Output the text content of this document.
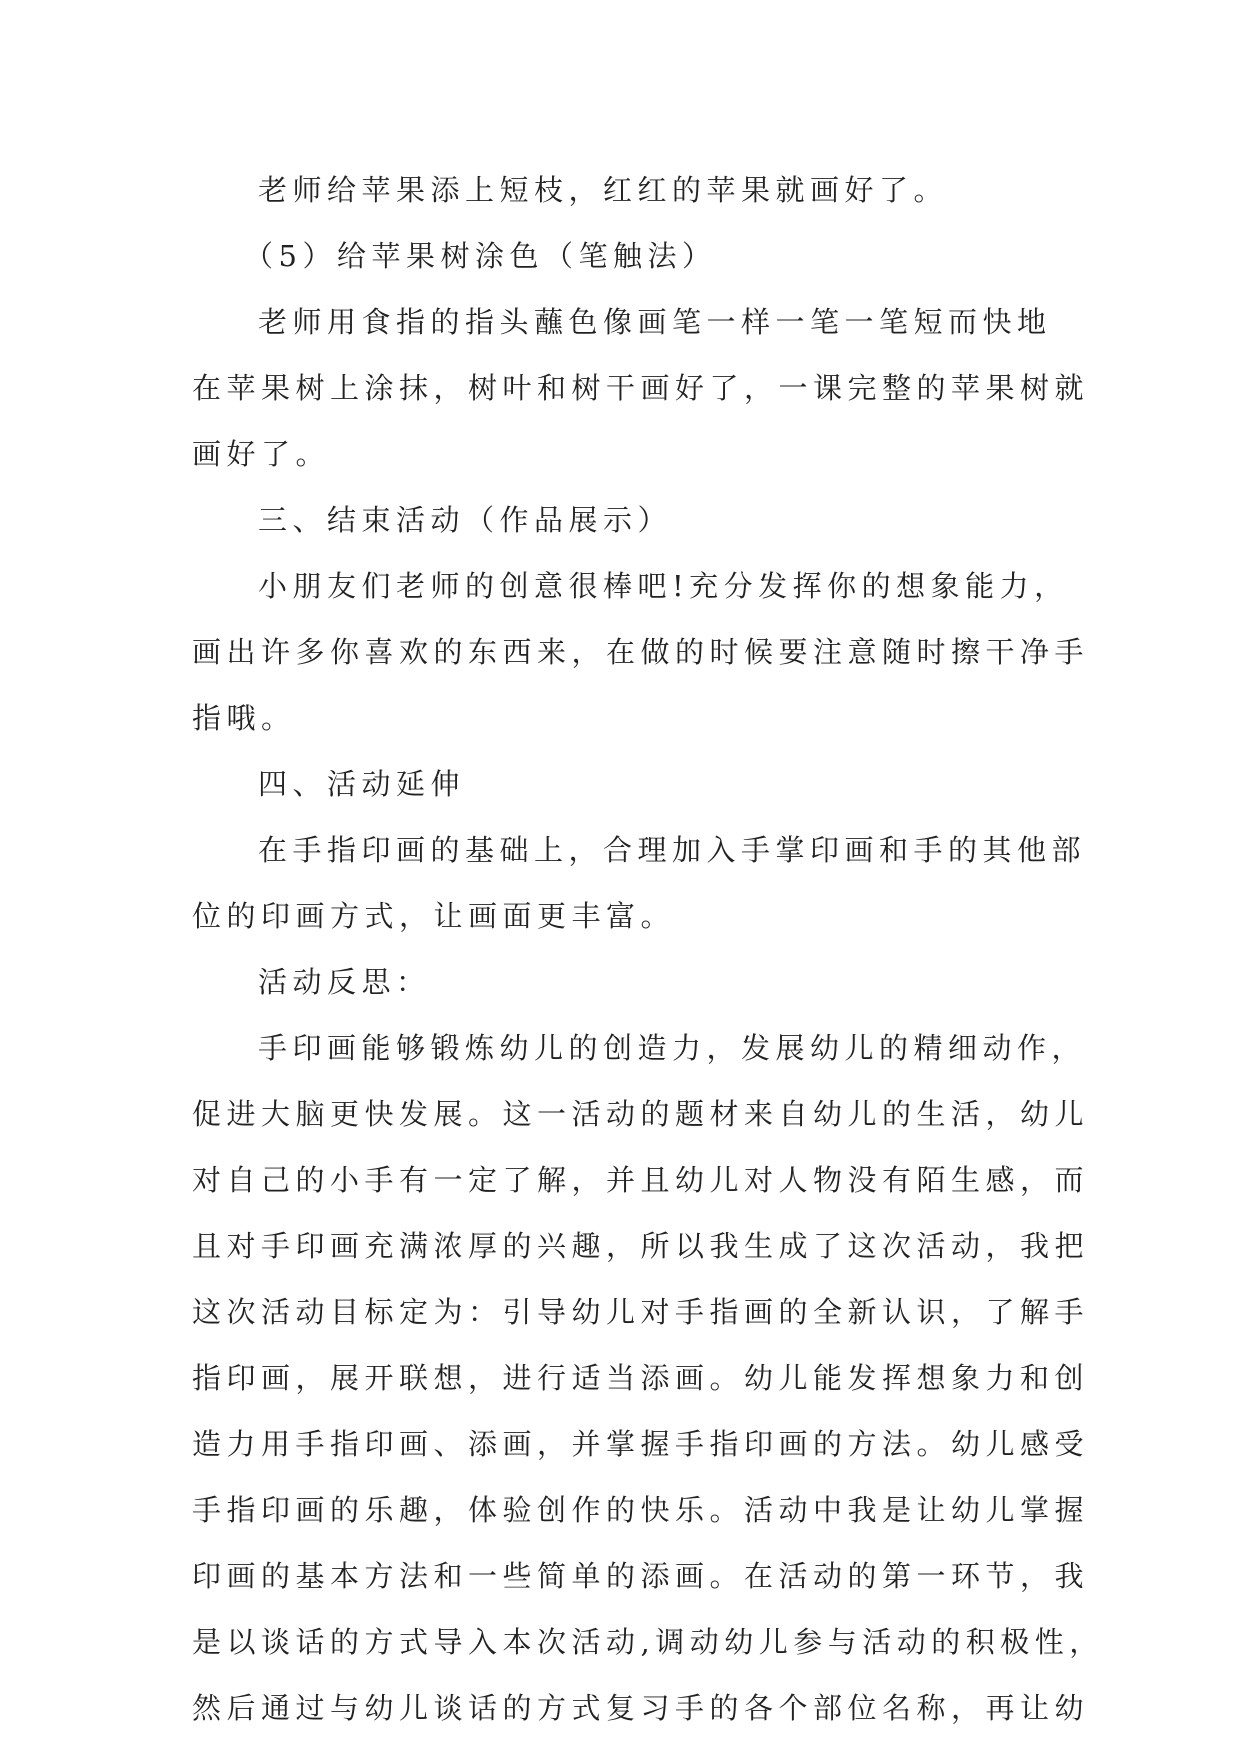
老师给苹果添上短枝，红红的苹果就画好了。
（5）给苹果树涂色（笔触法）
老师用食指的指头蘸色像画笔一样一笔一笔短而快地
在苹果树上涂抹，树叶和树干画好了，一课完整的苹果树就
画好了。
三、结束活动（作品展示）
小朋友们老师的创意很棒吧!充分发挥你的想象能力，
画出许多你喜欢的东西来，在做的时候要注意随时擦干净手
指哦。
四、活动延伸
在手指印画的基础上，合理加入手掌印画和手的其他部
位的印画方式，让画面更丰富。
活动反思：
手印画能够锻炼幼儿的创造力，发展幼儿的精细动作，
促进大脑更快发展。这一活动的题材来自幼儿的生活，幼儿
对自己的小手有一定了解，并且幼儿对人物没有陌生感，而
且对手印画充满浓厚的兴趣，所以我生成了这次活动，我把
这次活动目标定为：引导幼儿对手指画的全新认识，了解手
指印画，展开联想，进行适当添画。幼儿能发挥想象力和创
造力用手指印画、添画，并掌握手指印画的方法。幼儿感受
手指印画的乐趣，体验创作的快乐。活动中我是让幼儿掌握
印画的基本方法和一些简单的添画。在活动的第一环节，我
是以谈话的方式导入本次活动,调动幼儿参与活动的积极性，
然后通过与幼儿谈话的方式复习手的各个部位名称，再让幼
